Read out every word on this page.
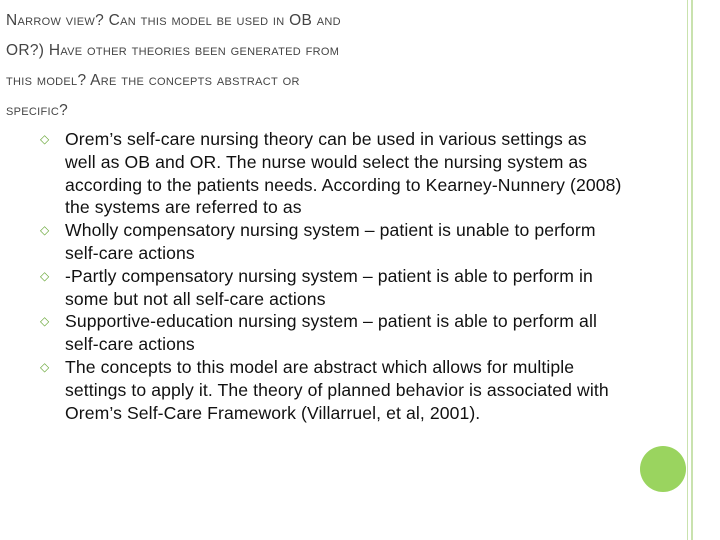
Narrow view? Can this model be used in OB and
OR?) Have other theories been generated from
this model? Are the concepts abstract or
specific?
◇ Orem’s self-care nursing theory can be used in various settings as well as OB and OR. The nurse would select the nursing system as according to the patients needs. According to Kearney-Nunnery (2008) the systems are referred to as
◇ Wholly compensatory nursing system – patient is unable to perform self-care actions
◇ -Partly compensatory nursing system – patient is able to perform in some but not all self-care actions
◇ Supportive-education nursing system – patient is able to perform all self-care actions
◇ The concepts to this model are abstract which allows for multiple settings to apply it. The theory of planned behavior is associated with Orem’s Self-Care Framework (Villarruel, et al, 2001).
